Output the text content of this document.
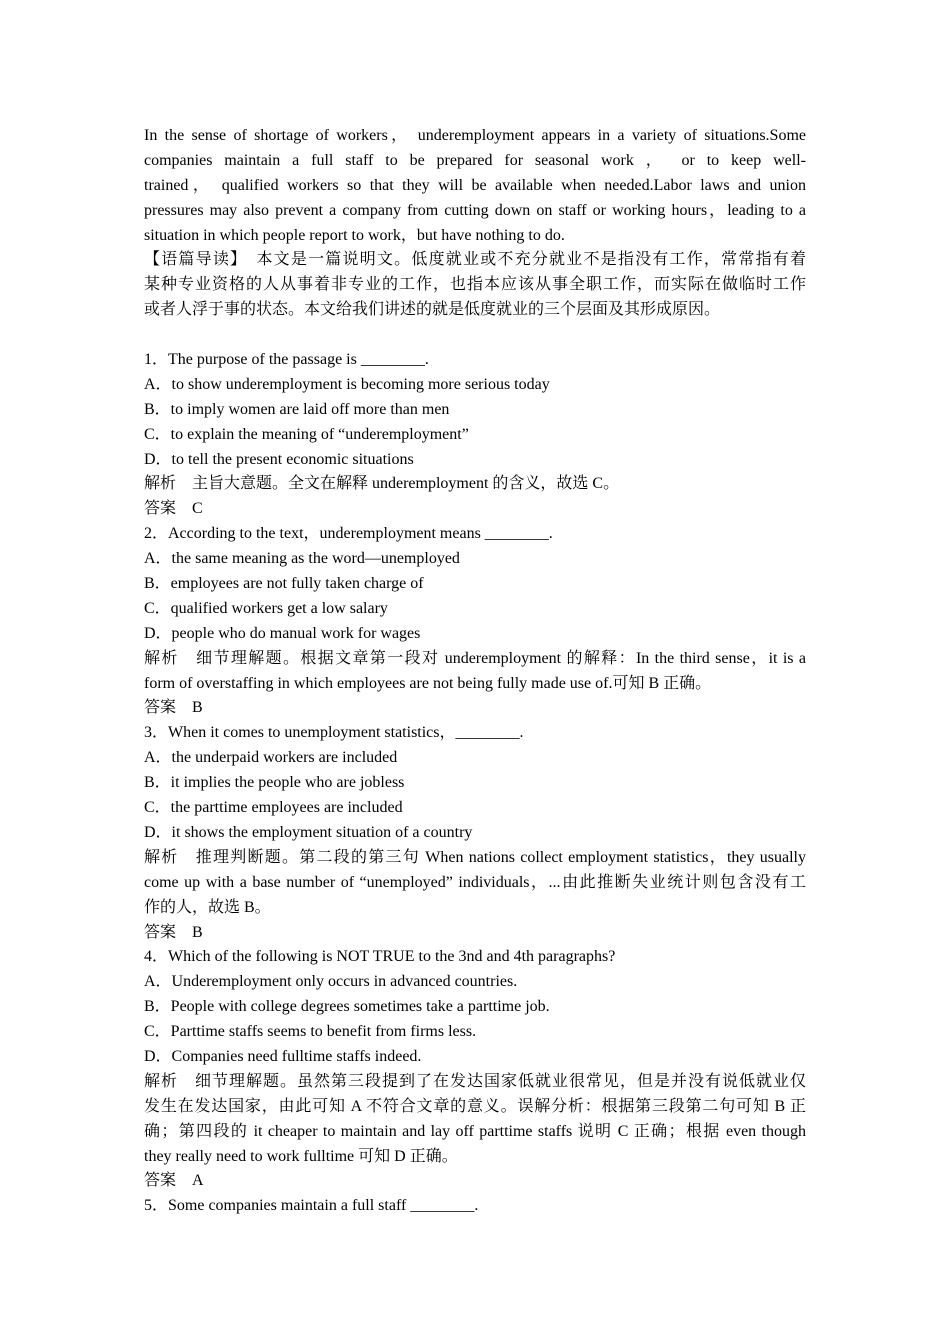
In the sense of shortage of workers， underemployment appears in a variety of situations.Some
companies maintain a full staff to be prepared for seasonal work ， or to keep well-
trained， qualified workers so that they will be available when needed.Labor laws and union
pressures may also prevent a company from cutting down on staff or working hours，leading to a
situation in which people report to work，but have nothing to do.
【语篇导读】　本文是一篇说明文。低度就业或不充分就业不是指没有工作，常常指有着
某种专业资格的人从事着非专业的工作，也指本应该从事全职工作，而实际在做临时工作
或者人浮于事的状态。本文给我们讲述的就是低度就业的三个层面及其形成原因。
1．The purpose of the passage is ________.
A．to show underemployment is becoming more serious today
B．to imply women are laid off more than men
C．to explain the meaning of “underemployment”
D．to tell the present economic situations
解析　主旨大意题。全文在解释 underemployment 的含义，故选 C。
答案　C
2．According to the text，underemployment means ________.
A．the same meaning as the word—unemployed
B．employees are not fully taken charge of
C．qualified workers get a low salary
D．people who do manual work for wages
解析　细节理解题。根据文章第一段对 underemployment 的解释：In the third sense，it is a
form of overstaffing in which employees are not being fully made use of.可知 B 正确。
答案　B
3．When it comes to unemployment statistics，________.
A．the underpaid workers are included
B．it implies the people who are jobless
C．the parttime employees are included
D．it shows the employment situation of a country
解析　推理判断题。第二段的第三句 When nations collect employment statistics，they usually
come up with a base number of “unemployed” individuals，...由此推断失业统计则包含没有工
作的人，故选 B。
答案　B
4．Which of the following is NOT TRUE to the 3nd and 4th paragraphs?
A．Underemployment only occurs in advanced countries.
B．People with college degrees sometimes take a parttime job.
C．Parttime staffs seems to benefit from firms less.
D．Companies need fulltime staffs indeed.
解析　细节理解题。虽然第三段提到了在发达国家低就业很常见，但是并没有说低就业仅
发生在发达国家，由此可知 A 不符合文章的意义。误解分析：根据第三段第二句可知 B 正
确；第四段的 it cheaper to maintain and lay off parttime staffs 说明 C 正确；根据 even though
they really need to work fulltime 可知 D 正确。
答案　A
5．Some companies maintain a full staff ________.
